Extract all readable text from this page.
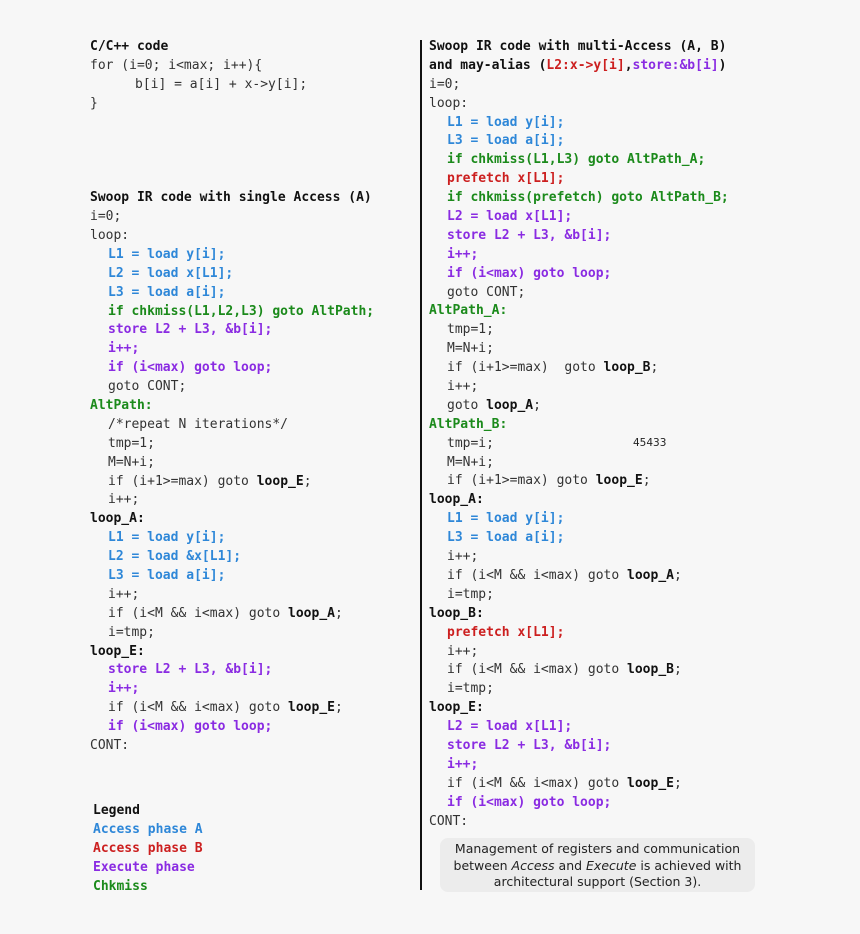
C/C++ code
for (i=0; i<max; i++){
b[i] = a[i] + x->y[i];
}
Swoop IR code with single Access (A)
i=0;
loop:
L1 = load y[i];
L2 = load x[L1];
L3 = load a[i];
if chkmiss(L1,L2,L3) goto AltPath;
store L2 + L3, &b[i];
i++;
if (i<max) goto loop;
goto CONT;
AltPath:
/*repeat N iterations*/
tmp=1;
M=N+i;
if (i+1>=max) goto loop_E;
i++;
loop_A:
L1 = load y[i];
L2 = load &x[L1];
L3 = load a[i];
i++;
if (i<M && i<max) goto loop_A;
i=tmp;
loop_E:
store L2 + L3, &b[i];
i++;
if (i<M && i<max) goto loop_E;
if (i<max) goto loop;
CONT:
Swoop IR code with multi-Access (A, B)
and may-alias (L2:x->y[i],store:&b[i])
i=0;
loop:
L1 = load y[i];
L3 = load a[i];
if chkmiss(L1,L3) goto AltPath_A;
prefetch x[L1];
if chkmiss(prefetch) goto AltPath_B;
L2 = load x[L1];
store L2 + L3, &b[i];
i++;
if (i<max) goto loop;
goto CONT;
AltPath_A:
tmp=1;
M=N+i;
if (i+1>=max)  goto loop_B;
i++;
goto loop_A;
AltPath_B:
tmp=i;
M=N+i;
if (i+1>=max) goto loop_E;
loop_A:
L1 = load y[i];
L3 = load a[i];
i++;
if (i<M && i<max) goto loop_A;
i=tmp;
loop_B:
prefetch x[L1];
i++;
if (i<M && i<max) goto loop_B;
i=tmp;
loop_E:
L2 = load x[L1];
store L2 + L3, &b[i];
i++;
if (i<M && i<max) goto loop_E;
if (i<max) goto loop;
CONT:
45433
Legend
Access phase A
Access phase B
Execute phase
Chkmiss
Management of registers and communication
between Access and Execute is achieved with
architectural support (Section 3).
